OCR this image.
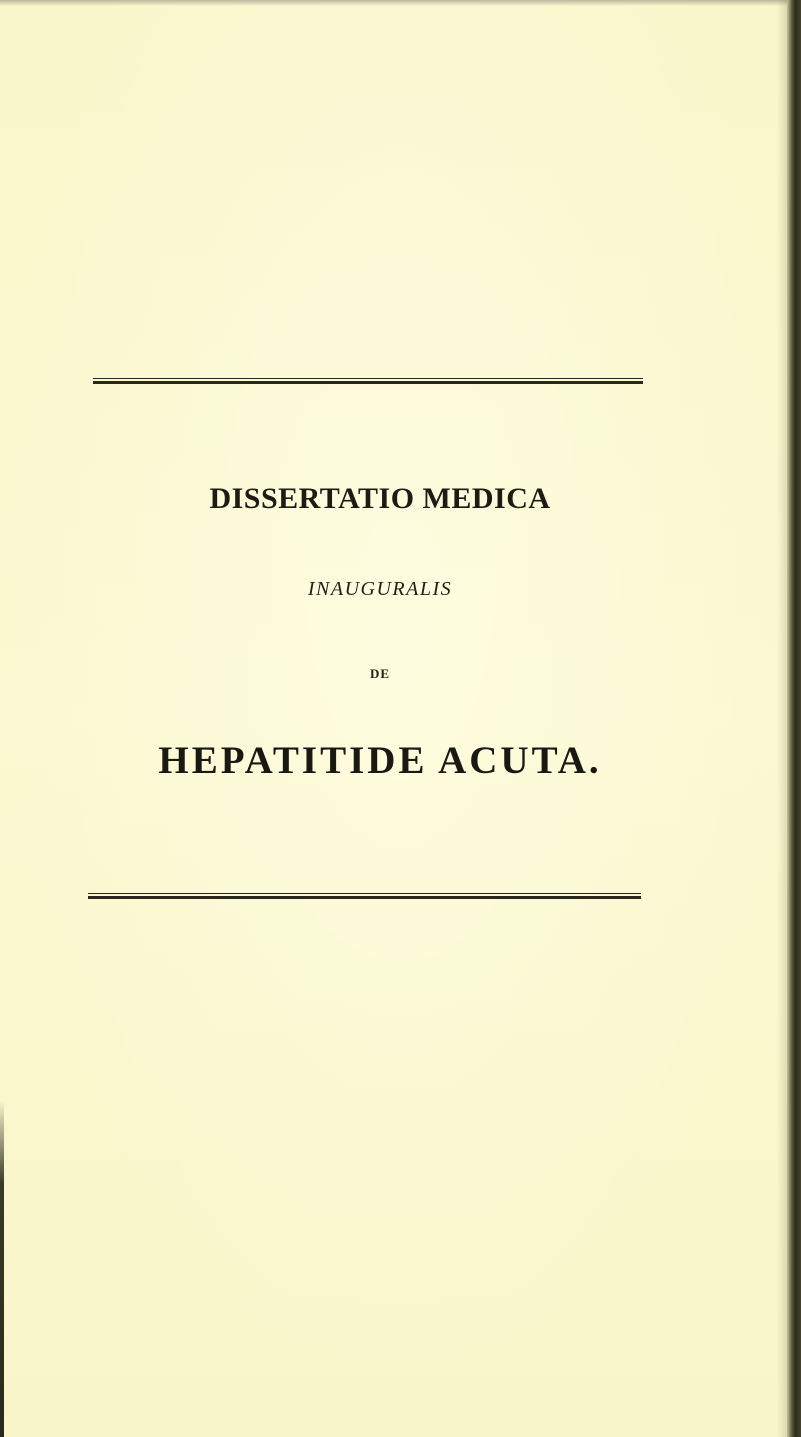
DISSERTATIO MEDICA
INAUGURALIS
DE
HEPATITIDE ACUTA.
